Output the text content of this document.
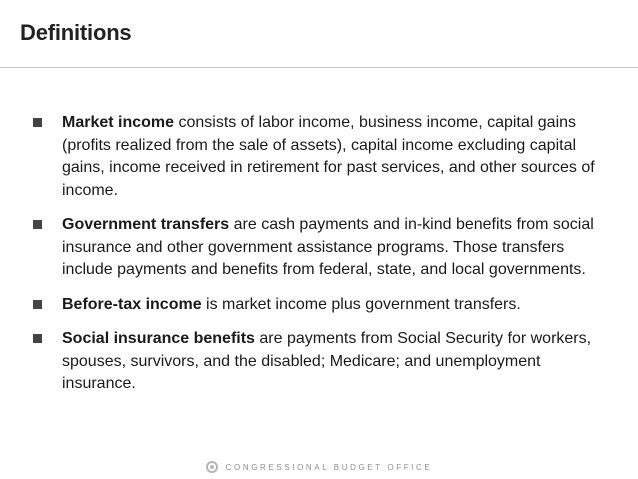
Definitions
Market income consists of labor income, business income, capital gains (profits realized from the sale of assets), capital income excluding capital gains, income received in retirement for past services, and other sources of income.
Government transfers are cash payments and in-kind benefits from social insurance and other government assistance programs. Those transfers include payments and benefits from federal, state, and local governments.
Before-tax income is market income plus government transfers.
Social insurance benefits are payments from Social Security for workers, spouses, survivors, and the disabled; Medicare; and unemployment insurance.
CONGRESSIONAL BUDGET OFFICE
